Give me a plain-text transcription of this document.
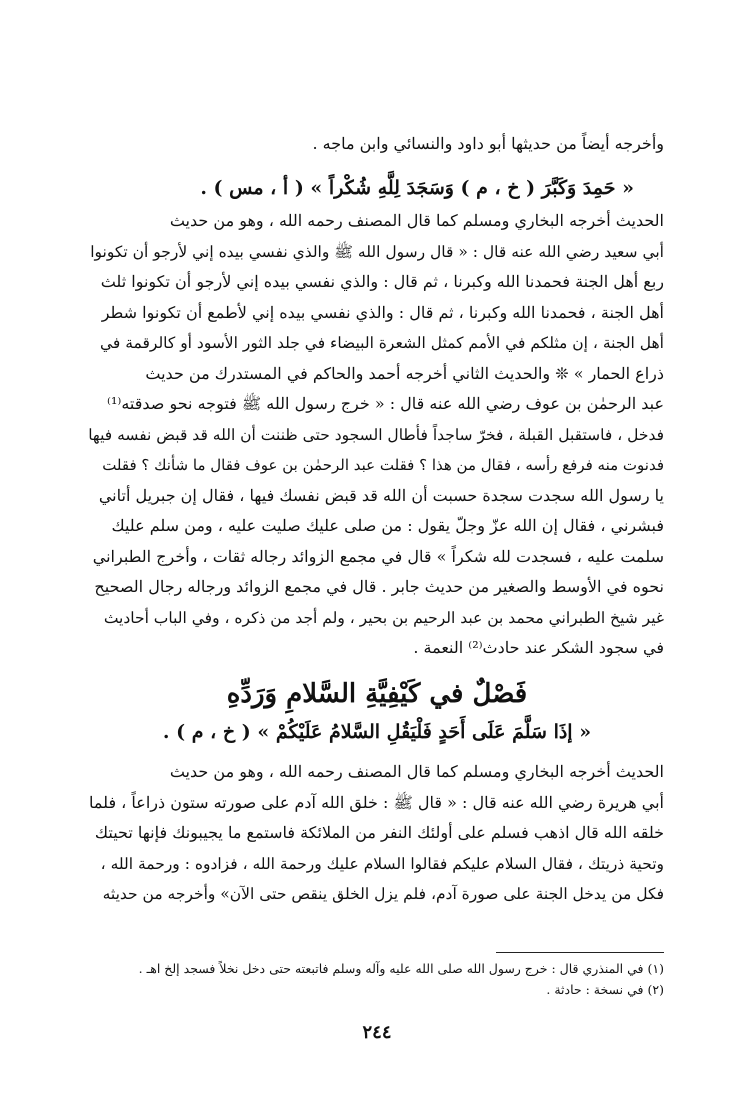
وأخرجه أيضاً من حديثها أبو داود والنسائي وابن ماجه .
« حَمِدَ وَكَبَّرَ ( خ ، م ) وَسَجَدَ لِلَّهِ شُكْراً » ( أ ، مس ) .
الحديث أخرجه البخاري ومسلم كما قال المصنف رحمه الله ، وهو من حديث
أبي سعيد رضي الله عنه قال : « قال رسول الله ﷺ والذي نفسي بيده إني لأرجو أن تكونوا
ربع أهل الجنة فحمدنا الله وكبرنا ، ثم قال : والذي نفسي بيده إني لأرجو أن تكونوا ثلث
أهل الجنة ، فحمدنا الله وكبرنا ، ثم قال : والذي نفسي بيده إني لأطمع أن تكونوا شطر
أهل الجنة ، إن مثلكم في الأمم كمثل الشعرة البيضاء في جلد الثور الأسود أو كالرقمة في
ذراع الحمار » ❊ والحديث الثاني أخرجه أحمد والحاكم في المستدرك من حديث
عبد الرحمٰن بن عوف رضي الله عنه قال : « خرج رسول الله ﷺ فتوجه نحو صدقته⁽¹⁾
فدخل ، فاستقبل القبلة ، فخرّ ساجداً فأطال السجود حتى ظننت أن الله قد قبض نفسه فيها
فدنوت منه فرفع رأسه ، فقال من هذا ؟ فقلت عبد الرحمٰن بن عوف فقال ما شأنك ؟ فقلت
يا رسول الله سجدت سجدة حسبت أن الله قد قبض نفسك فيها ، فقال إن جبريل أتاني
فبشرني ، فقال إن الله عزّ وجلّ يقول : من صلى عليك صليت عليه ، ومن سلم عليك
سلمت عليه ، فسجدت لله شكراً » قال في مجمع الزوائد رجاله ثقات ، وأخرج الطبراني
نحوه في الأوسط والصغير من حديث جابر . قال في مجمع الزوائد ورجاله رجال الصحيح
غير شيخ الطبراني محمد بن عبد الرحيم بن بحير ، ولم أجد من ذكره ، وفي الباب أحاديث
في سجود الشكر عند حادث⁽²⁾ النعمة .
فَصْلٌ في كَيْفِيَّةِ السَّلامِ وَرَدِّهِ
« إذَا سَلَّمَ عَلَى أَحَدٍ فَلْيَقُلِ السَّلامُ عَلَيْكُمْ » ( خ ، م ) .
الحديث أخرجه البخاري ومسلم كما قال المصنف رحمه الله ، وهو من حديث
أبي هريرة رضي الله عنه قال : « قال ﷺ : خلق الله آدم على صورته ستون ذراعاً ، فلما
خلقه الله قال اذهب فسلم على أولئك النفر من الملائكة فاستمع ما يجيبونك فإنها تحيتك
وتحية ذريتك ، فقال السلام عليكم فقالوا السلام عليك ورحمة الله ، فزادوه : ورحمة الله ،
فكل من يدخل الجنة على صورة آدم، فلم يزل الخلق ينقص حتى الآن» وأخرجه من حديثه
(١) في المنذري قال : خرج رسول الله صلى الله عليه وآله وسلم فاتبعته حتى دخل نخلاً فسجد إلخ اهـ .
(٢) في نسخة : حادثة .
٢٤٤
